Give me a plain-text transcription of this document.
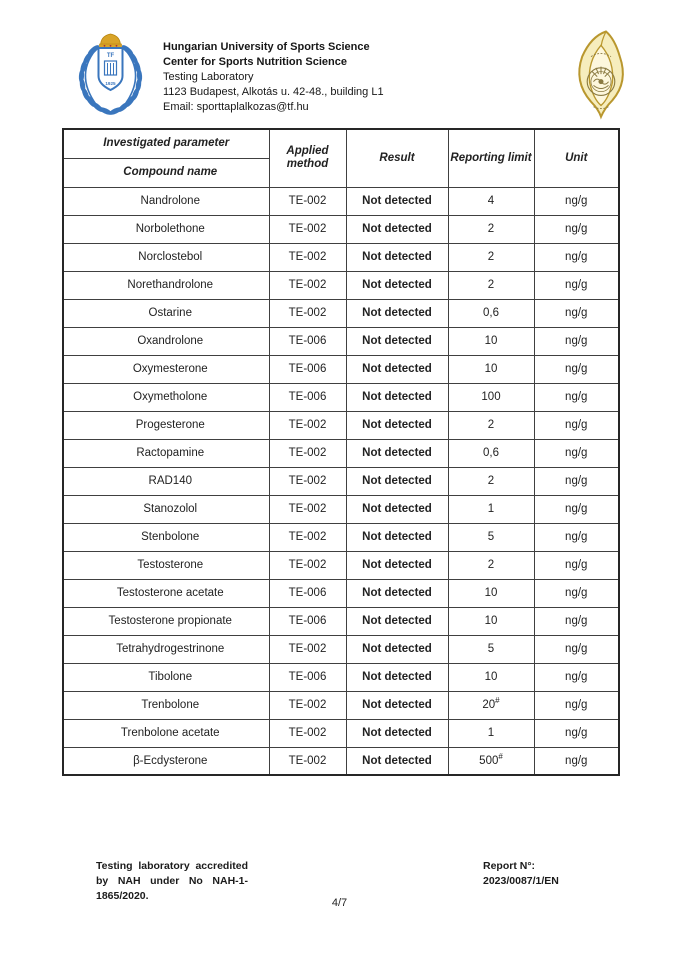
TF
1925
Hungarian University of Sports Science
Center for Sports Nutrition Science
Testing Laboratory
1123 Budapest, Alkotás u. 42-48., building L1
Email: sporttaplalkozas@tf.hu
Investigated parameter	Applied method	Result	Reporting limit	Unit
Compound name				
Nandrolone	TE-002	Not detected	4	ng/g
Norbolethone	TE-002	Not detected	2	ng/g
Norclostebol	TE-002	Not detected	2	ng/g
Norethandrolone	TE-002	Not detected	2	ng/g
Ostarine	TE-002	Not detected	0,6	ng/g
Oxandrolone	TE-006	Not detected	10	ng/g
Oxymesterone	TE-006	Not detected	10	ng/g
Oxymetholone	TE-006	Not detected	100	ng/g
Progesterone	TE-002	Not detected	2	ng/g
Ractopamine	TE-002	Not detected	0,6	ng/g
RAD140	TE-002	Not detected	2	ng/g
Stanozolol	TE-002	Not detected	1	ng/g
Stenbolone	TE-002	Not detected	5	ng/g
Testosterone	TE-002	Not detected	2	ng/g
Testosterone acetate	TE-006	Not detected	10	ng/g
Testosterone propionate	TE-006	Not detected	10	ng/g
Tetrahydrogestrinone	TE-002	Not detected	5	ng/g
Tibolone	TE-006	Not detected	10	ng/g
Trenbolone	TE-002	Not detected	20#	ng/g
Trenbolone acetate	TE-002	Not detected	1	ng/g
β-Ecdysterone	TE-002	Not detected	500#	ng/g
Testing laboratory accredited
by NAH under No NAH-1-
1865/2020.
4/7
Report N°:
2023/0087/1/EN
